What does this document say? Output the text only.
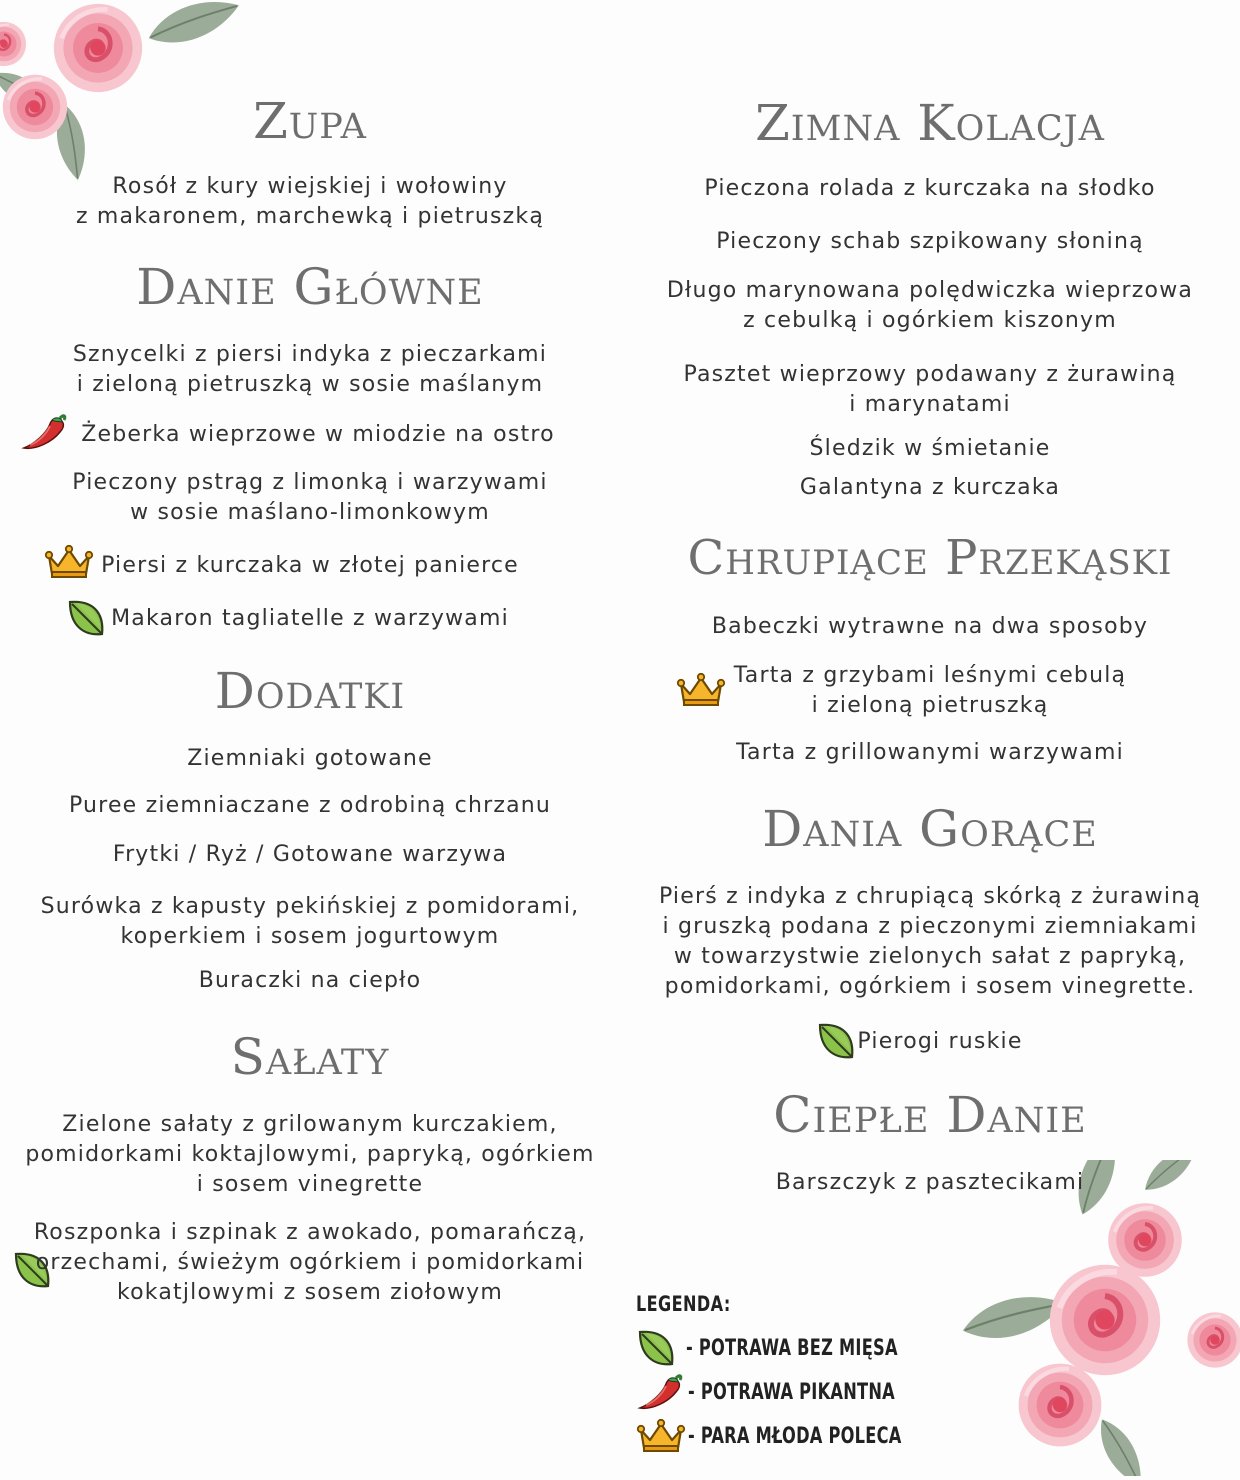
Zupa
Rosół z kury wiejskiej i wołowiny
z makaronem, marchewką i pietruszką
Danie Główne
Sznycelki z piersi indyka z pieczarkami
i zieloną pietruszką w sosie maślanym
Żeberka wieprzowe w miodzie na ostro
Pieczony pstrąg z limonką i warzywami
w sosie maślano-limonkowym
Piersi z kurczaka w złotej panierce
Makaron tagliatelle z warzywami
Dodatki
Ziemniaki gotowane
Puree ziemniaczane z odrobiną chrzanu
Frytki / Ryż / Gotowane warzywa
Surówka z kapusty pekińskiej z pomidorami,
koperkiem i sosem jogurtowym
Buraczki na ciepło
Sałaty
Zielone sałaty z grilowanym kurczakiem,
pomidorkami koktajlowymi, papryką, ogórkiem
i sosem vinegrette
Roszponka i szpinak z awokado, pomarańczą,
orzechami, świeżym ogórkiem i pomidorkami
kokatjlowymi z sosem ziołowym
Zimna Kolacja
Pieczona rolada z kurczaka na słodko
Pieczony schab szpikowany słoniną
Długo marynowana polędwiczka wieprzowa
z cebulką i ogórkiem kiszonym
Pasztet wieprzowy podawany z żurawiną
i marynatami
Śledzik w śmietanie
Galantyna z kurczaka
Chrupiące Przekąski
Babeczki wytrawne na dwa sposoby
Tarta z grzybami leśnymi cebulą
i zieloną pietruszką
Tarta z grillowanymi warzywami
Dania Gorące
Pierś z indyka z chrupiącą skórką z żurawiną
i gruszką podana z pieczonymi ziemniakami
w towarzystwie zielonych sałat z papryką,
pomidorkami, ogórkiem i sosem vinegrette.
Pierogi ruskie
Ciepłe Danie
Barszczyk z pasztecikami
LEGENDA:
- POTRAWA BEZ MIĘSA
- POTRAWA PIKANTNA
- PARA MŁODA POLECA
